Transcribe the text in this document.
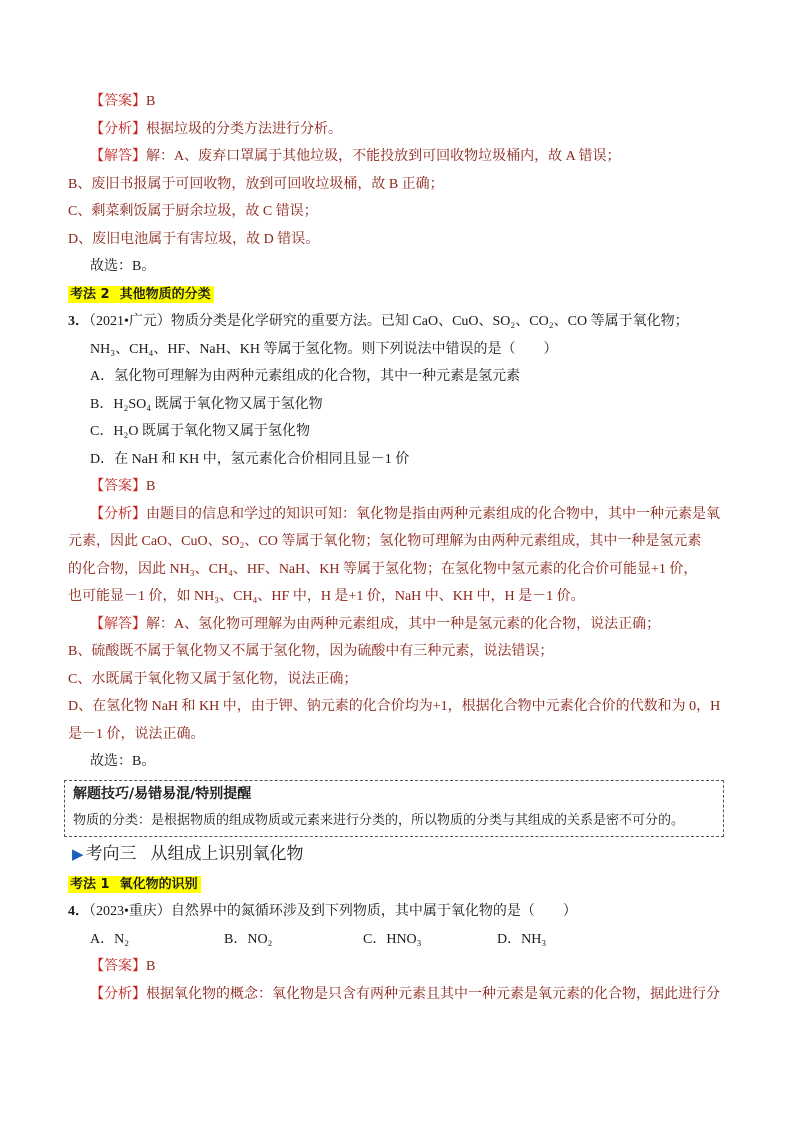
【答案】B
【分析】根据垃圾的分类方法进行分析。
【解答】解：A、废弃口罩属于其他垃圾，不能投放到可回收物垃圾桶内，故 A 错误；
B、废旧书报属于可回收物，放到可回收垃圾桶，故 B 正确；
C、剩菜剩饭属于厨余垃圾，故 C 错误；
D、废旧电池属于有害垃圾，故 D 错误。
故选：B。
考法 2 其他物质的分类
3．（2021•广元）物质分类是化学研究的重要方法。已知 CaO、CuO、SO₂、CO₂、CO 等属于氧化物；
NH₃、CH₄、HF、NaH、KH 等属于氢化物。则下列说法中错误的是（　　）
A．氢化物可理解为由两种元素组成的化合物，其中一种元素是氢元素
B．H₂SO₄ 既属于氧化物又属于氢化物
C．H₂O 既属于氧化物又属于氢化物
D．在 NaH 和 KH 中，氢元素化合价相同且显－1 价
【答案】B
【分析】由题目的信息和学过的知识可知：氧化物是指由两种元素组成的化合物中，其中一种元素是氧
元素，因此 CaO、CuO、SO₂、CO 等属于氧化物；氢化物可理解为由两种元素组成，其中一种是氢元素
的化合物，因此 NH₃、CH₄、HF、NaH、KH 等属于氢化物；在氢化物中氢元素的化合价可能显+1 价，
也可能显－1 价，如 NH₃、CH₄、HF 中，H 是+1 价，NaH 中、KH 中，H 是－1 价。
【解答】解：A、氢化物可理解为由两种元素组成，其中一种是氢元素的化合物，说法正确；
B、硫酸既不属于氧化物又不属于氢化物，因为硫酸中有三种元素，说法错误；
C、水既属于氧化物又属于氢化物，说法正确；
D、在氢化物 NaH 和 KH 中，由于钾、钠元素的化合价均为+1，根据化合物中元素化合价的代数和为 0，H
是－1 价，说法正确。
故选：B。
解题技巧/易错易混/特别提醒
物质的分类：是根据物质的组成物质或元素来进行分类的，所以物质的分类与其组成的关系是密不可分的。
▶ 考向三 从组成上识别氧化物
考法 1 氧化物的识别
4．（2023•重庆）自然界中的氮循环涉及到下列物质，其中属于氧化物的是（　　）
A．N₂	B．NO₂	C．HNO₃	D．NH₃
【答案】B
【分析】根据氧化物的概念：氧化物是只含有两种元素且其中一种元素是氧元素的化合物，据此进行分
